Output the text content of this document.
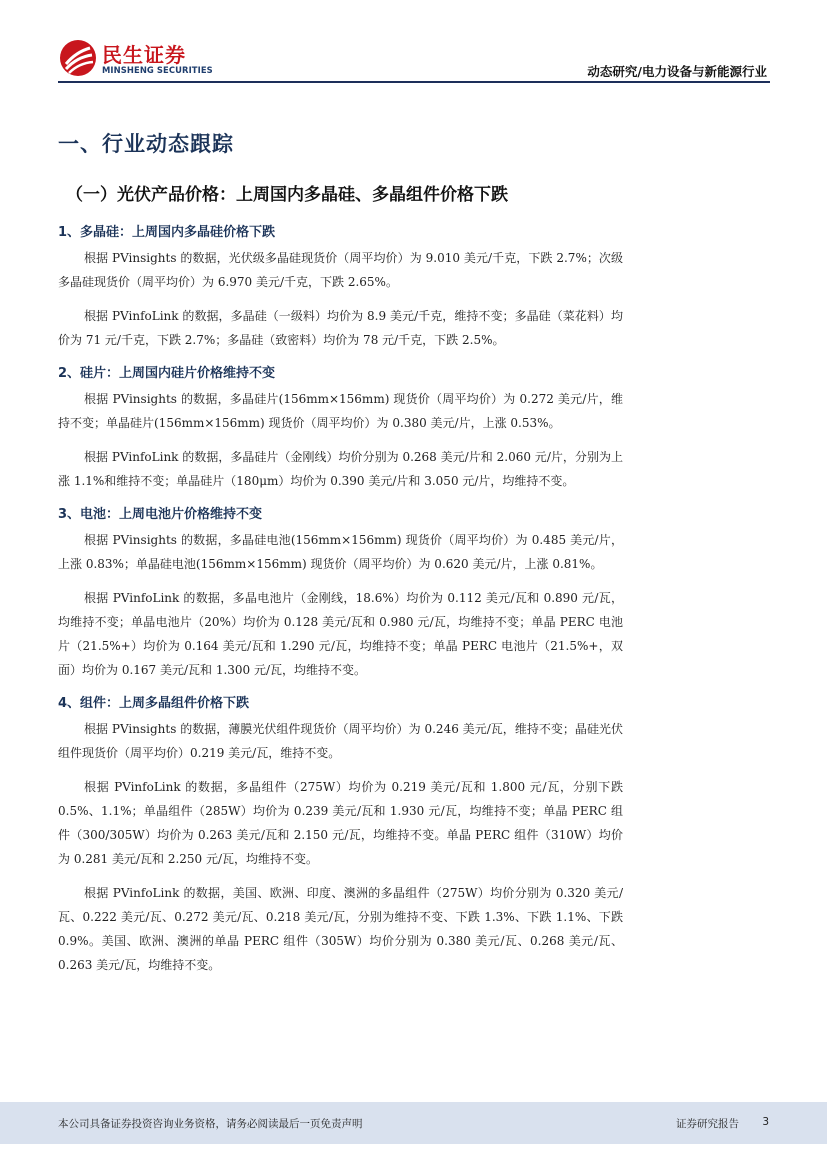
民生证券
MINSHENG SECURITIES	动态研究/电力设备与新能源行业
一、行业动态跟踪
（一）光伏产品价格：上周国内多晶硅、多晶组件价格下跌
1、多晶硅：上周国内多晶硅价格下跌

根据 PVinsights 的数据，光伏级多晶硅现货价（周平均价）为 9.010 美元/千克，下跌 2.7%；次级多晶硅现货价（周平均价）为 6.970 美元/千克，下跌 2.65%。

根据 PVinfoLink 的数据，多晶硅（一级料）均价为 8.9 美元/千克，维持不变；多晶硅（菜花料）均价为 71 元/千克，下跌 2.7%；多晶硅（致密料）均价为 78 元/千克，下跌 2.5%。

2、硅片：上周国内硅片价格维持不变

根据 PVinsights 的数据，多晶硅片(156mm×156mm) 现货价（周平均价）为 0.272 美元/片，维持不变；单晶硅片(156mm×156mm) 现货价（周平均价）为 0.380 美元/片，上涨 0.53%。

根据 PVinfoLink 的数据，多晶硅片（金刚线）均价分别为 0.268 美元/片和 2.060 元/片，分别为上涨 1.1%和维持不变；单晶硅片（180μm）均价为 0.390 美元/片和 3.050 元/片，均维持不变。

3、电池：上周电池片价格维持不变

根据 PVinsights 的数据，多晶硅电池(156mm×156mm) 现货价（周平均价）为 0.485 美元/片，上涨 0.83%；单晶硅电池(156mm×156mm) 现货价（周平均价）为 0.620 美元/片，上涨 0.81%。

根据 PVinfoLink 的数据，多晶电池片（金刚线，18.6%）均价为 0.112 美元/瓦和 0.890 元/瓦，均维持不变；单晶电池片（20%）均价为 0.128 美元/瓦和 0.980 元/瓦，均维持不变；单晶 PERC 电池片（21.5%+）均价为 0.164 美元/瓦和 1.290 元/瓦，均维持不变；单晶 PERC 电池片（21.5%+，双面）均价为 0.167 美元/瓦和 1.300 元/瓦，均维持不变。

4、组件：上周多晶组件价格下跌

根据 PVinsights 的数据，薄膜光伏组件现货价（周平均价）为 0.246 美元/瓦，维持不变；晶硅光伏组件现货价（周平均价）0.219 美元/瓦，维持不变。

根据 PVinfoLink 的数据，多晶组件（275W）均价为 0.219 美元/瓦和 1.800 元/瓦，分别下跌 0.5%、1.1%；单晶组件（285W）均价为 0.239 美元/瓦和 1.930 元/瓦，均维持不变；单晶 PERC 组件（300/305W）均价为 0.263 美元/瓦和 2.150 元/瓦，均维持不变。单晶 PERC 组件（310W）均价为 0.281 美元/瓦和 2.250 元/瓦，均维持不变。

根据 PVinfoLink 的数据，美国、欧洲、印度、澳洲的多晶组件（275W）均价分别为 0.320 美元/瓦、0.222 美元/瓦、0.272 美元/瓦、0.218 美元/瓦，分别为维持不变、下跌 1.3%、下跌 1.1%、下跌 0.9%。美国、欧洲、澳洲的单晶 PERC 组件（305W）均价分别为 0.380 美元/瓦、0.268 美元/瓦、0.263 美元/瓦，均维持不变。

本公司具备证券投资咨询业务资格，请务必阅读最后一页免责声明	证券研究报告 3
